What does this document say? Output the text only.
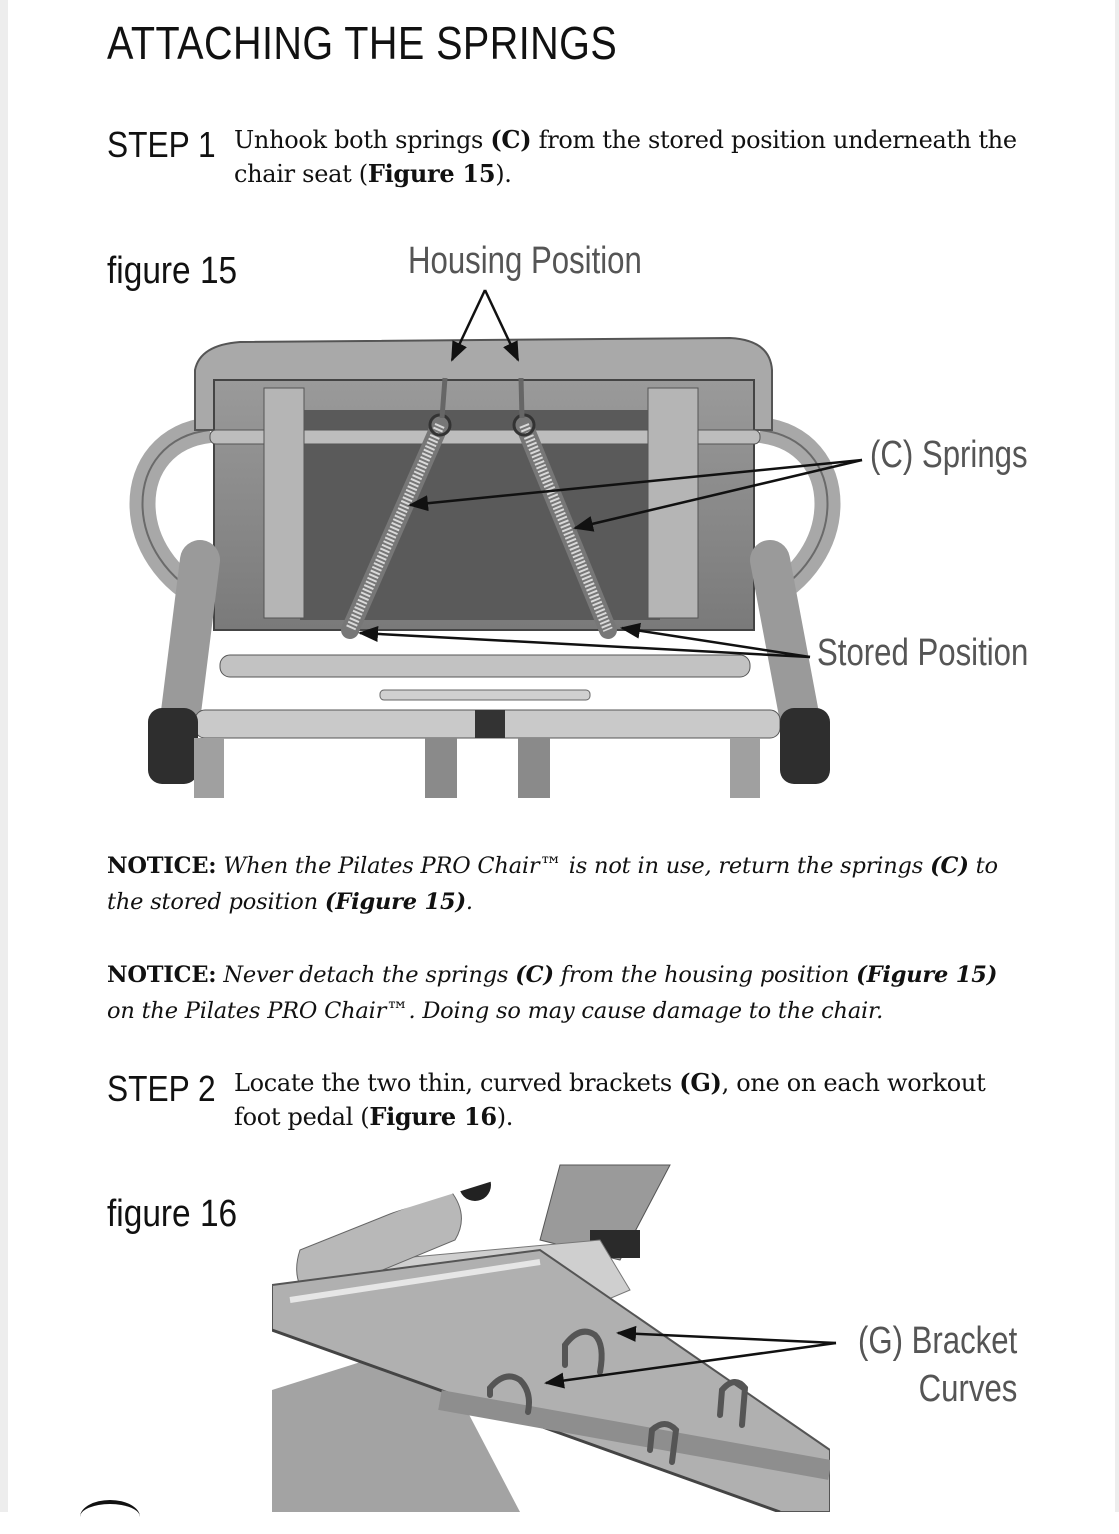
ATTACHING THE SPRINGS
STEP 1 Unhook both springs (C) from the stored position underneath the chair seat (Figure 15).
figure 15	Housing Position
(C) Springs
Stored Position
NOTICE: When the Pilates PRO Chair™ is not in use, return the springs (C) to the stored position (Figure 15).
NOTICE: Never detach the springs (C) from the housing position (Figure 15) on the Pilates PRO Chair™. Doing so may cause damage to the chair.
STEP 2 Locate the two thin, curved brackets (G), one on each workout foot pedal (Figure 16).
figure 16
(G) Bracket
Curves
